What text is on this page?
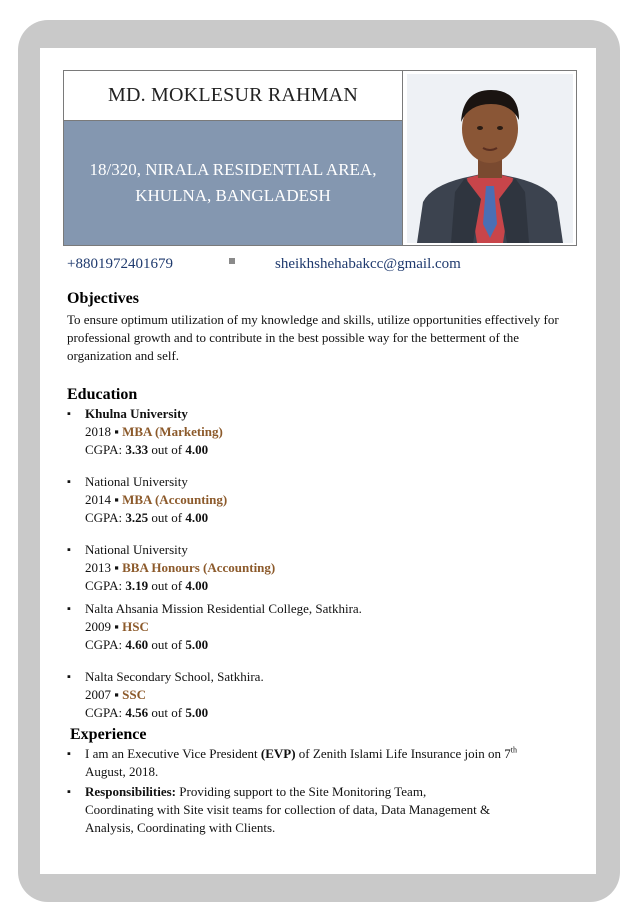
MD. MOKLESUR RAHMAN
18/320, NIRALA RESIDENTIAL AREA,
KHULNA, BANGLADESH
+8801972401679	sheikhshehabakcc@gmail.com
Objectives
To ensure optimum utilization of my knowledge and skills, utilize opportunities effectively for professional growth and to contribute in the best possible way for the betterment of the organization and self.
Education
▪ Khulna University
2018 ▪ MBA (Marketing)
CGPA: 3.33 out of 4.00
▪ National University
2014 ▪ MBA (Accounting)
CGPA: 3.25 out of 4.00
▪ National University
2013 ▪ BBA Honours (Accounting)
CGPA: 3.19 out of 4.00
▪ Nalta Ahsania Mission Residential College, Satkhira.
2009 ▪ HSC
CGPA: 4.60 out of 5.00
▪ Nalta Secondary School, Satkhira.
2007 ▪ SSC
CGPA: 4.56 out of 5.00
Experience
▪ I am an Executive Vice President (EVP) of Zenith Islami Life Insurance join on 7th
August, 2018.
▪ Responsibilities: Providing support to the Site Monitoring Team,
Coordinating with Site visit teams for collection of data, Data Management &
Analysis, Coordinating with Clients.
